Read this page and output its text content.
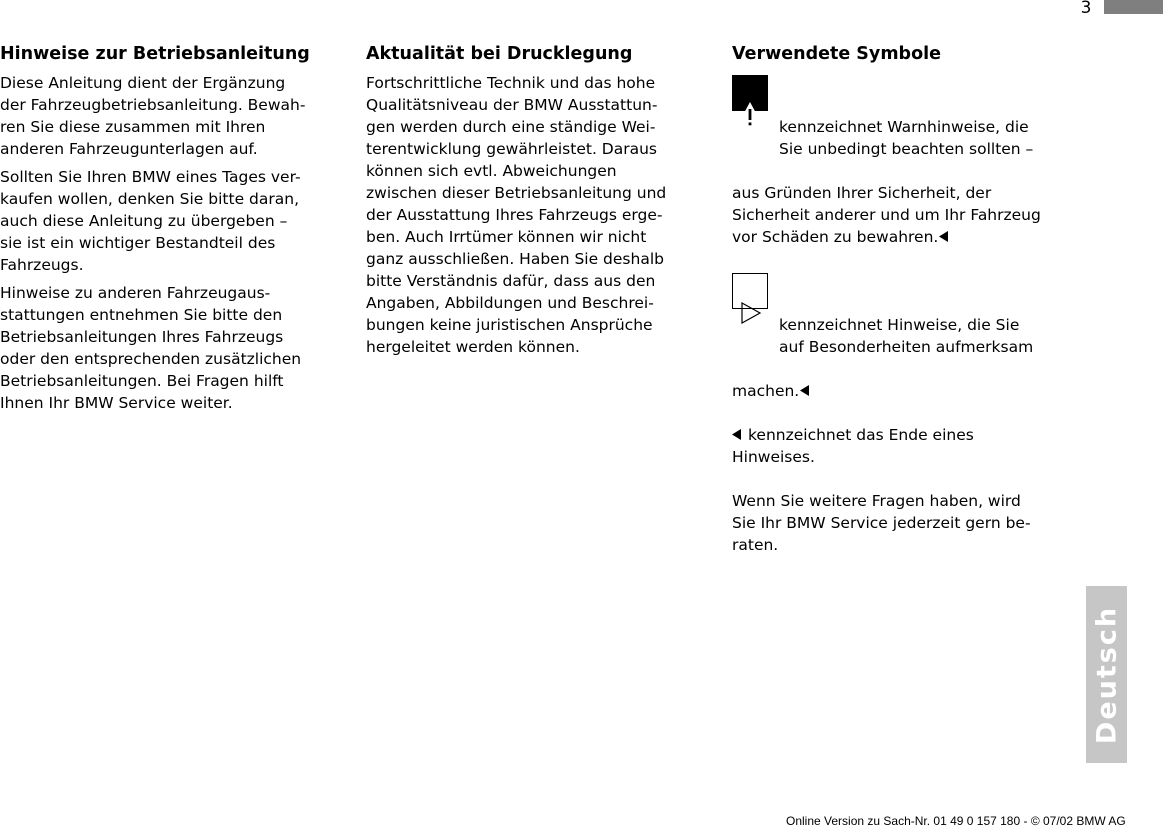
3
Hinweise zur Betriebsanleitung

Diese Anleitung dient der Ergänzung
der Fahrzeugbetriebsanleitung. Bewah-
ren Sie diese zusammen mit Ihren
anderen Fahrzeugunterlagen auf.

Sollten Sie Ihren BMW eines Tages ver-
kaufen wollen, denken Sie bitte daran,
auch diese Anleitung zu übergeben –
sie ist ein wichtiger Bestandteil des
Fahrzeugs.

Hinweise zu anderen Fahrzeugaus-
stattungen entnehmen Sie bitte den
Betriebsanleitungen Ihres Fahrzeugs
oder den entsprechenden zusätzlichen
Betriebsanleitungen. Bei Fragen hilft
Ihnen Ihr BMW Service weiter.

Aktualität bei Drucklegung

Fortschrittliche Technik und das hohe
Qualitätsniveau der BMW Ausstattun-
gen werden durch eine ständige Wei-
terentwicklung gewährleistet. Daraus
können sich evtl. Abweichungen
zwischen dieser Betriebsanleitung und
der Ausstattung Ihres Fahrzeugs erge-
ben. Auch Irrtümer können wir nicht
ganz ausschließen. Haben Sie deshalb
bitte Verständnis dafür, dass aus den
Angaben, Abbildungen und Beschrei-
bungen keine juristischen Ansprüche
hergeleitet werden können.

Verwendete Symbole

kennzeichnet Warnhinweise, die
Sie unbedingt beachten sollten –

aus Gründen Ihrer Sicherheit, der
Sicherheit anderer und um Ihr Fahrzeug
vor Schäden zu bewahren.

kennzeichnet Hinweise, die Sie
auf Besonderheiten aufmerksam

machen.

kennzeichnet das Ende eines
Hinweises.

Wenn Sie weitere Fragen haben, wird
Sie Ihr BMW Service jederzeit gern be-
raten.

Deutsch
Online Version zu Sach-Nr. 01 49 0 157 180 - © 07/02 BMW AG
